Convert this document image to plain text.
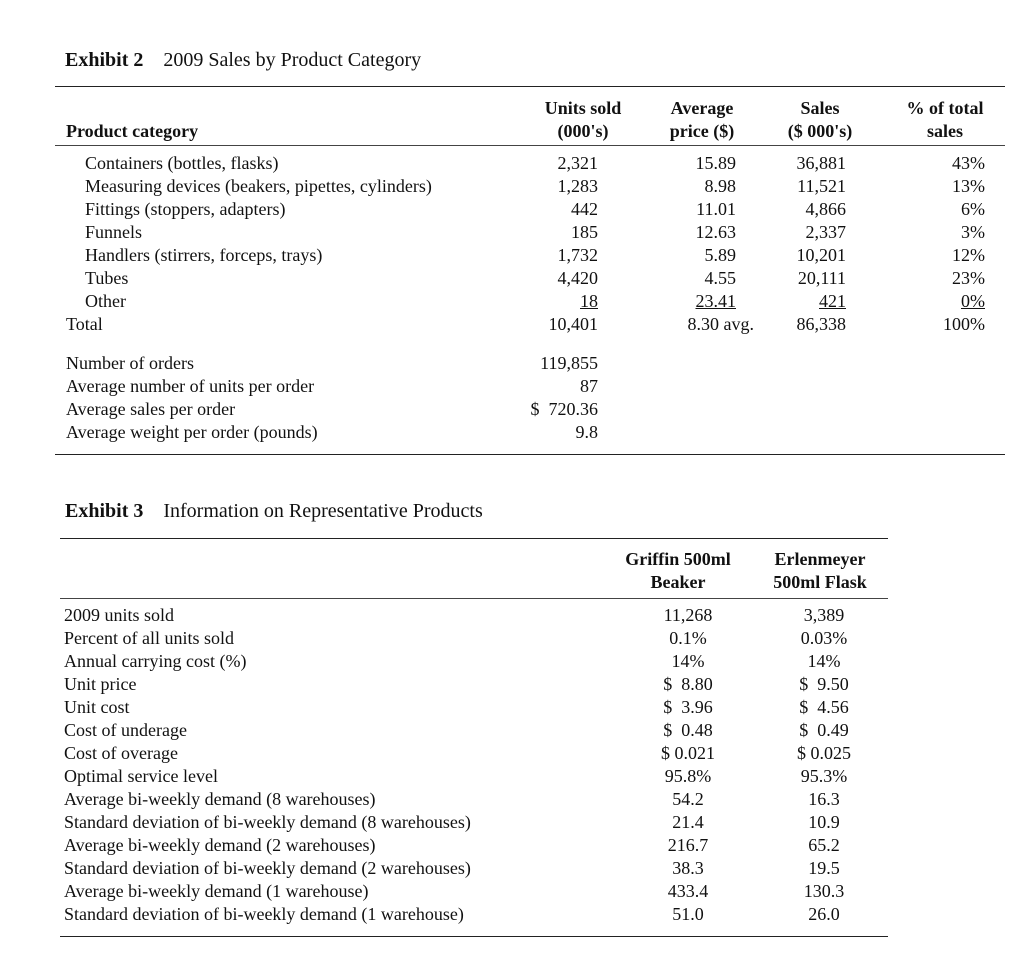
Exhibit 2 2009 Sales by Product Category
Product category
Units sold
(000's)
Average
price ($)
Sales
($ 000's)
% of total
sales
Containers (bottles, flasks)
Measuring devices (beakers, pipettes, cylinders)
Fittings (stoppers, adapters)
Funnels
Handlers (stirrers, forceps, trays)
Tubes
Other
Total
2,321
1,283
442
185
1,732
4,420
18
10,401
15.89
8.98
11.01
12.63
5.89
4.55
23.41
8.30 avg.
36,881
11,521
4,866
2,337
10,201
20,111
421
86,338
43%
13%
6%
3%
12%
23%
0%
100%
Number of orders
Average number of units per order
Average sales per order
Average weight per order (pounds)
119,855
87
$  720.36
9.8
Exhibit 3 Information on Representative Products
Griffin 500ml
Beaker
Erlenmeyer
500ml Flask
2009 units sold
Percent of all units sold
Annual carrying cost (%)
Unit price
Unit cost
Cost of underage
Cost of overage
Optimal service level
Average bi-weekly demand (8 warehouses)
Standard deviation of bi-weekly demand (8 warehouses)
Average bi-weekly demand (2 warehouses)
Standard deviation of bi-weekly demand (2 warehouses)
Average bi-weekly demand (1 warehouse)
Standard deviation of bi-weekly demand (1 warehouse)
11,268
0.1%
14%
$  8.80
$  3.96
$  0.48
$ 0.021
95.8%
54.2
21.4
216.7
38.3
433.4
51.0
3,389
0.03%
14%
$  9.50
$  4.56
$  0.49
$ 0.025
95.3%
16.3
10.9
65.2
19.5
130.3
26.0
